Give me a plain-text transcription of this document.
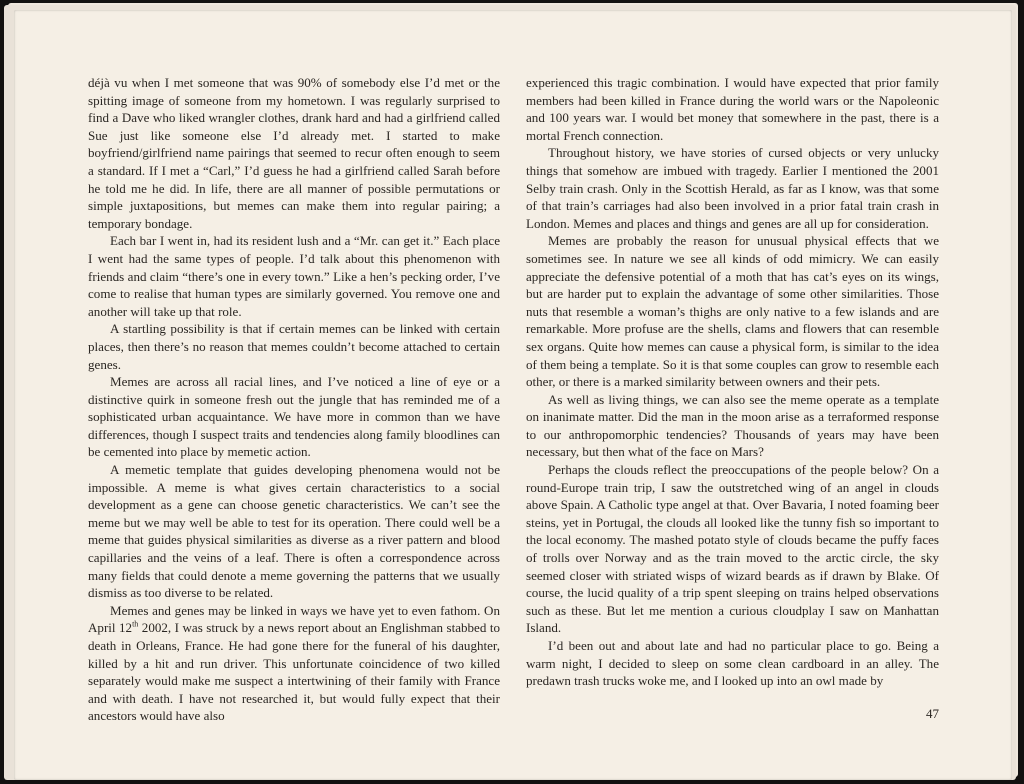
déjà vu when I met someone that was 90% of somebody else I’d met or the spitting image of someone from my hometown. I was regularly surprised to find a Dave who liked wrangler clothes, drank hard and had a girlfriend called Sue just like someone else I’d already met. I started to make boyfriend/girlfriend name pairings that seemed to recur often enough to seem a standard. If I met a “Carl,” I’d guess he had a girlfriend called Sarah before he told me he did. In life, there are all manner of possible permutations or simple juxtapositions, but memes can make them into regular pairing; a temporary bondage.

Each bar I went in, had its resident lush and a “Mr. can get it.” Each place I went had the same types of people. I’d talk about this phenomenon with friends and claim “there’s one in every town.” Like a hen’s pecking order, I’ve come to realise that human types are similarly governed. You remove one and another will take up that role.

A startling possibility is that if certain memes can be linked with certain places, then there’s no reason that memes couldn’t become attached to certain genes.

Memes are across all racial lines, and I’ve noticed a line of eye or a distinctive quirk in someone fresh out the jungle that has reminded me of a sophisticated urban acquaintance. We have more in common than we have differences, though I suspect traits and tendencies along family bloodlines can be cemented into place by memetic action.

A memetic template that guides developing phenomena would not be impossible. A meme is what gives certain characteristics to a social development as a gene can choose genetic characteristics. We can’t see the meme but we may well be able to test for its operation. There could well be a meme that guides physical similarities as diverse as a river pattern and blood capillaries and the veins of a leaf. There is often a correspondence across many fields that could denote a meme governing the patterns that we usually dismiss as too diverse to be related.

Memes and genes may be linked in ways we have yet to even fathom. On April 12th 2002, I was struck by a news report about an Englishman stabbed to death in Orleans, France. He had gone there for the funeral of his daughter, killed by a hit and run driver. This unfortunate coincidence of two killed separately would make me suspect a intertwining of their family with France and with death. I have not researched it, but would fully expect that their ancestors would have also

experienced this tragic combination. I would have expected that prior family members had been killed in France during the world wars or the Napoleonic and 100 years war. I would bet money that somewhere in the past, there is a mortal French connection.

Throughout history, we have stories of cursed objects or very unlucky things that somehow are imbued with tragedy. Earlier I mentioned the 2001 Selby train crash. Only in the Scottish Herald, as far as I know, was that some of that train’s carriages had also been involved in a prior fatal train crash in London. Memes and places and things and genes are all up for consideration.

Memes are probably the reason for unusual physical effects that we sometimes see. In nature we see all kinds of odd mimicry. We can easily appreciate the defensive potential of a moth that has cat’s eyes on its wings, but are harder put to explain the advantage of some other similarities. Those nuts that resemble a woman’s thighs are only native to a few islands and are remarkable. More profuse are the shells, clams and flowers that can resemble sex organs. Quite how memes can cause a physical form, is similar to the idea of them being a template. So it is that some couples can grow to resemble each other, or there is a marked similarity between owners and their pets.

As well as living things, we can also see the meme operate as a template on inanimate matter. Did the man in the moon arise as a terraformed response to our anthropomorphic tendencies? Thousands of years may have been necessary, but then what of the face on Mars?

Perhaps the clouds reflect the preoccupations of the people below? On a round-Europe train trip, I saw the outstretched wing of an angel in clouds above Spain. A Catholic type angel at that. Over Bavaria, I noted foaming beer steins, yet in Portugal, the clouds all looked like the tunny fish so important to the local economy. The mashed potato style of clouds became the puffy faces of trolls over Norway and as the train moved to the arctic circle, the sky seemed closer with striated wisps of wizard beards as if drawn by Blake. Of course, the lucid quality of a trip spent sleeping on trains helped observations such as these. But let me mention a curious cloudplay I saw on Manhattan Island.

I’d been out and about late and had no particular place to go. Being a warm night, I decided to sleep on some clean cardboard in an alley. The predawn trash trucks woke me, and I looked up into an owl made by

47
